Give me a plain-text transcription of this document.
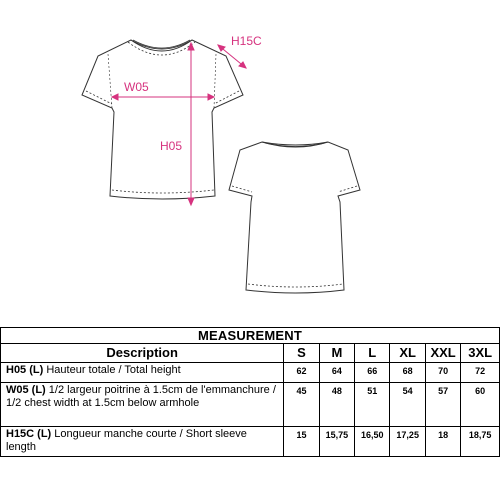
H15C
W05
H05
MEASUREMENT						
Description	S	M	L	XL	XXL	3XL
H05 (L) Hauteur totale / Total height	62	64	66	68	70	72
W05 (L) 1/2 largeur poitrine à 1.5cm de l'emmanchure / 1/2 chest width at 1.5cm below armhole	45	48	51	54	57	60
H15C (L) Longueur manche courte / Short sleeve length	15	15,75	16,50	17,25	18	18,75
